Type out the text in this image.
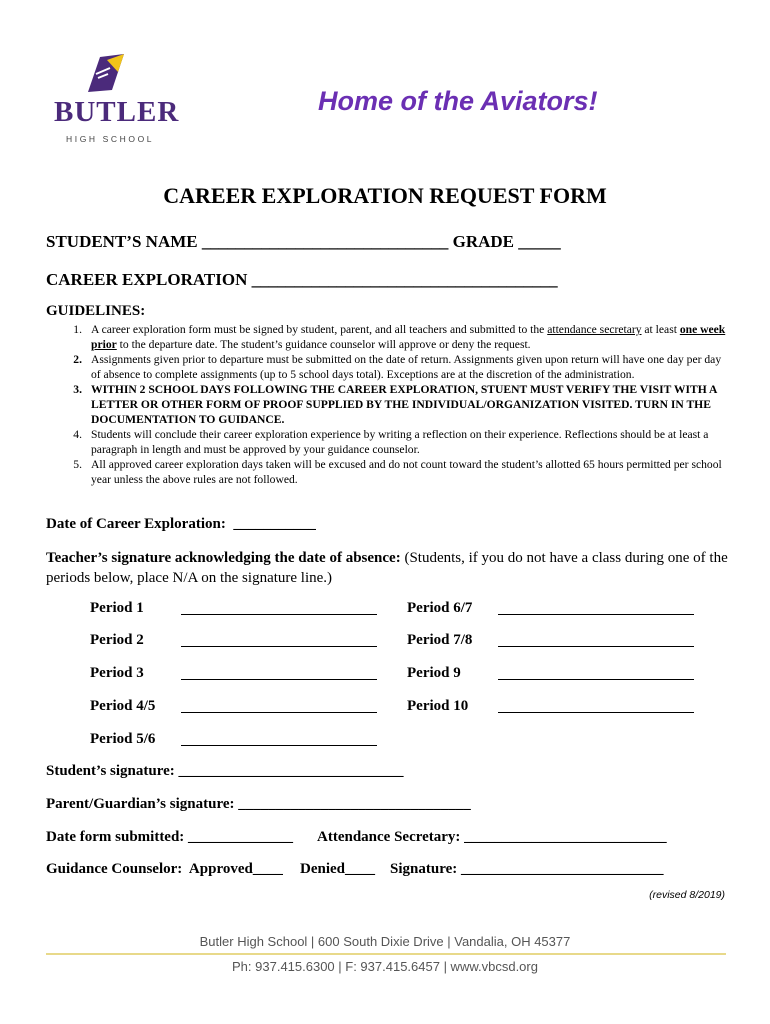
BUTLER
HIGH SCHOOL
Home of the Aviators!
CAREER EXPLORATION REQUEST FORM
STUDENT’S NAME _____________________________ GRADE _____
CAREER EXPLORATION ____________________________________
GUIDELINES:
1. A career exploration form must be signed by student, parent, and all teachers and submitted to the attendance secretary at least one week prior to the departure date. The student’s guidance counselor will approve or deny the request.
2. Assignments given prior to departure must be submitted on the date of return. Assignments given upon return will have one day per day of absence to complete assignments (up to 5 school days total). Exceptions are at the discretion of the administration.
3. WITHIN 2 SCHOOL DAYS FOLLOWING THE CAREER EXPLORATION, STUENT MUST VERIFY THE VISIT WITH A LETTER OR OTHER FORM OF PROOF SUPPLIED BY THE INDIVIDUAL/ORGANIZATION VISITED. TURN IN THE DOCUMENTATION TO GUIDANCE.
4. Students will conclude their career exploration experience by writing a reflection on their experience. Reflections should be at least a paragraph in length and must be approved by your guidance counselor.
5. All approved career exploration days taken will be excused and do not count toward the student’s allotted 65 hours permitted per school year unless the above rules are not followed.
Date of Career Exploration:  ___________
Teacher’s signature acknowledging the date of absence: (Students, if you do not have a class during one of the periods below, place N/A on the signature line.)
Period 1
Period 2
Period 3
Period 4/5
Period 5/6
Period 6/7
Period 7/8
Period 9
Period 10
Student’s signature: ______________________________
Parent/Guardian’s signature: _______________________________
Date form submitted: ______________ Attendance Secretary: ___________________________
Guidance Counselor:  Approved____ Denied____ Signature: ___________________________
(revised 8/2019)
Butler High School | 600 South Dixie Drive | Vandalia, OH 45377
Ph: 937.415.6300 | F: 937.415.6457 | www.vbcsd.org
